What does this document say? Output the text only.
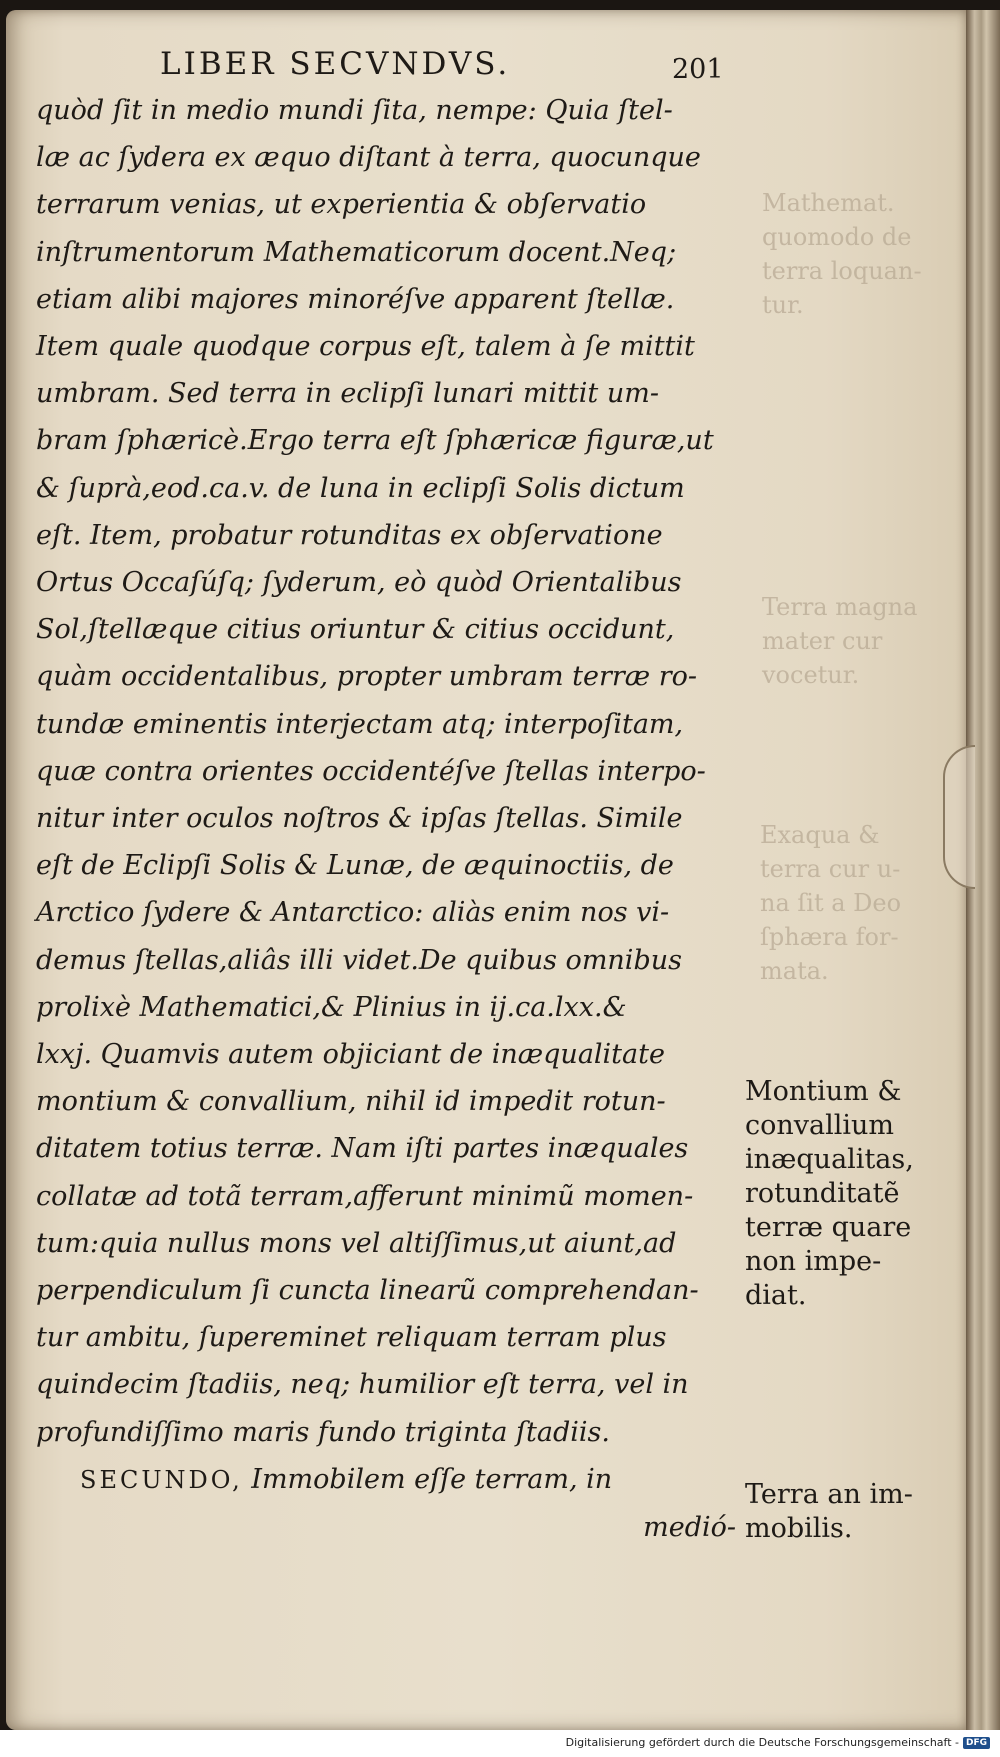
Mathemat.
quomodo de
terra loquan-
tur.
Terra magna
mater cur
vocetur.
Exaqua &
terra cur u-
na ſit a Deo
ſphæra for-
mata.
LIBER SECVNDVS.	201
quòd ſit in medio mundi ſita, nempe: Quia ſtel-
læ ac ſydera ex æquo diſtant à terra, quocunque
terrarum venias, ut experientia & obſervatio
inſtrumentorum Mathematicorum docent.Neq;
etiam alibi majores minoréſve apparent ſtellæ.
Item quale quodque corpus eſt, talem à ſe mittit
umbram. Sed terra in eclipſi lunari mittit um-
bram ſphæricè.Ergo terra eſt ſphæricæ figuræ,ut
& ſuprà,eod.ca.v. de luna in eclipſi Solis dictum
eſt. Item, probatur rotunditas ex obſervatione
Ortus Occaſúſq; ſyderum, eò quòd Orientalibus
Sol,ſtellæque citius oriuntur & citius occidunt,
quàm occidentalibus, propter umbram terræ ro-
tundæ eminentis interjectam atq; interpoſitam,
quæ contra orientes occidentéſve ſtellas interpo-
nitur inter oculos noſtros & ipſas ſtellas. Simile
eſt de Eclipſi Solis & Lunæ, de æquinoctiis, de
Arctico ſydere & Antarctico: aliàs enim nos vi-
demus ſtellas,aliâs illi videt.De quibus omnibus
prolixè Mathematici,& Plinius in ij.ca.lxx.&
lxxj. Quamvis autem objiciant de inæqualitate
montium & convallium, nihil id impedit rotun-
ditatem totius terræ. Nam iſti partes inæquales
collatæ ad totã terram,afferunt minimũ momen-
tum:quia nullus mons vel altiſſimus,ut aiunt,ad
perpendiculum ſi cuncta linearũ comprehendan-
tur ambitu, ſupereminet reliquam terram plus
quindecim ſtadiis, neq; humilior eſt terra, vel in
profundiſſimo maris fundo triginta ſtadiis.
SECUNDO, Immobilem eſſe terram, in
medió-
Montium &
convallium
inæqualitas,
rotunditatẽ
terræ quare
non impe-
diat.
Terra an im-
mobilis.
Digitalisierung gefördert durch die Deutsche Forschungsgemeinschaft - DFG
